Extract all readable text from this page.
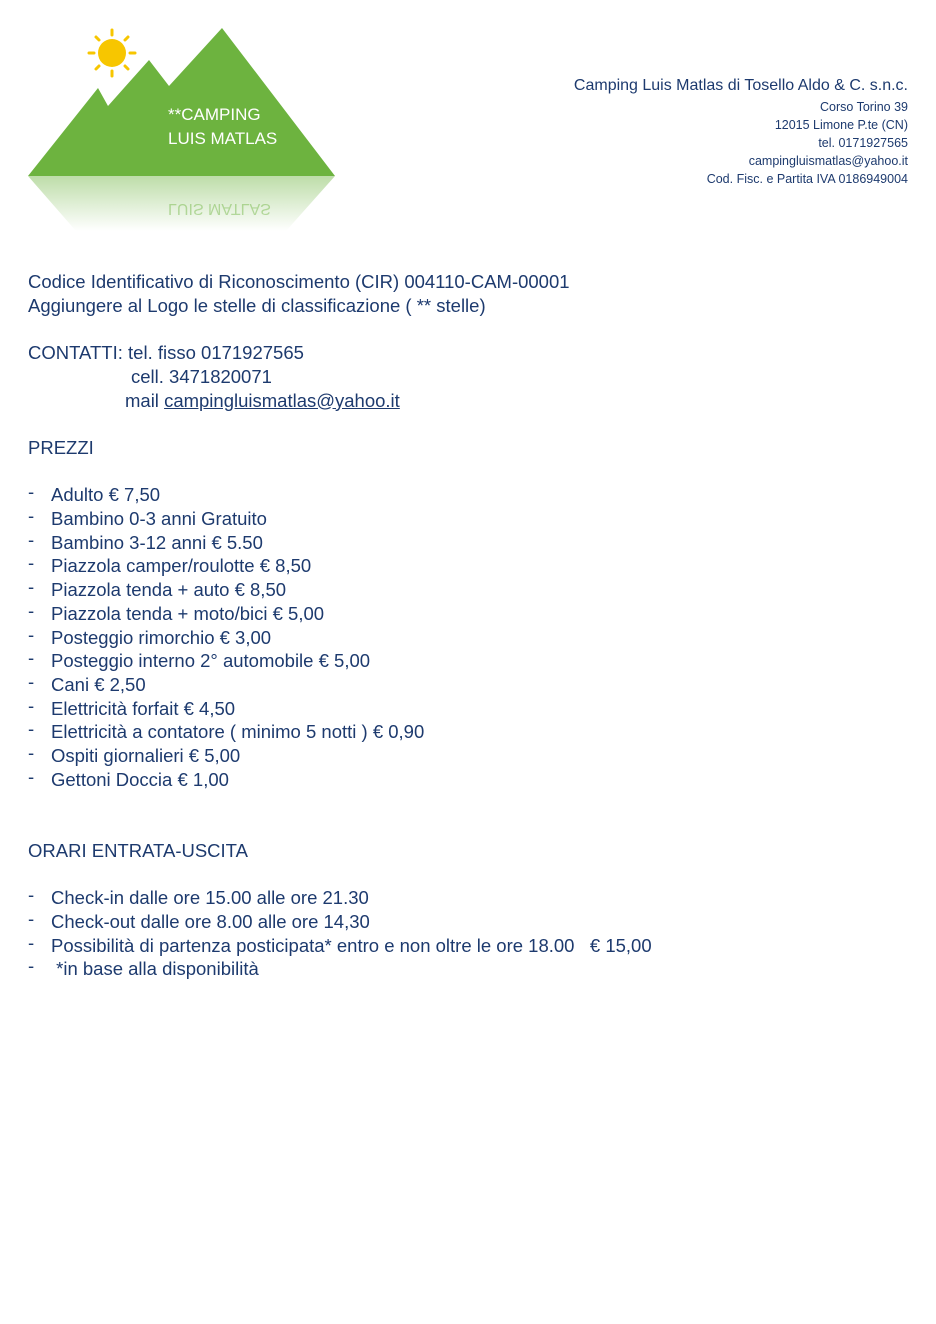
LUIS MATLAS
**CAMPING
LUIS MATLAS
Camping Luis Matlas di Tosello Aldo & C. s.n.c.
Corso Torino 39
12015 Limone P.te (CN)
tel. 0171927565
campingluismatlas@yahoo.it
Cod. Fisc. e Partita IVA 0186949004

Codice Identificativo di Riconoscimento (CIR) 004110-CAM-00001

Aggiungere al Logo le stelle di classificazione ( ** stelle)

CONTATTI: tel. fisso 0171927565

cell. 3471820071

mail campingluismatlas@yahoo.it

PREZZI

- Adulto € 7,50
- Bambino 0-3 anni Gratuito
- Bambino 3-12 anni € 5.50
- Piazzola camper/roulotte € 8,50
- Piazzola tenda + auto € 8,50
- Piazzola tenda + moto/bici € 5,00
- Posteggio rimorchio € 3,00
- Posteggio interno 2° automobile € 5,00
- Cani € 2,50
- Elettricità forfait € 4,50
- Elettricità a contatore ( minimo 5 notti ) € 0,90
- Ospiti giornalieri € 5,00
- Gettoni Doccia € 1,00

ORARI ENTRATA-USCITA

- Check-in dalle ore 15.00 alle ore 21.30
- Check-out dalle ore 8.00 alle ore 14,30
- Possibilità di partenza posticipata* entro e non oltre le ore 18.00   € 15,00
-  *in base alla disponibilità
